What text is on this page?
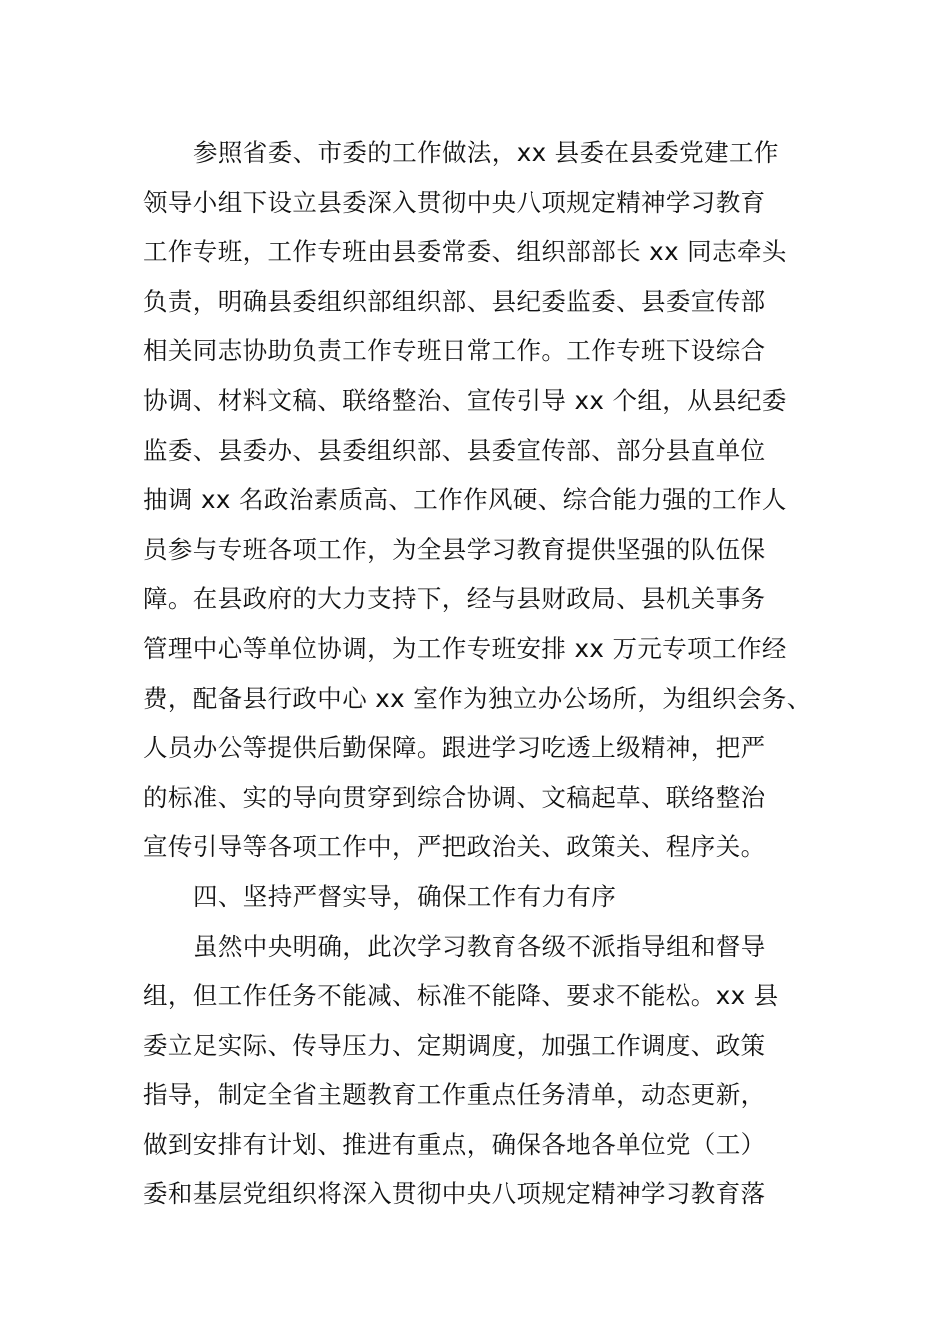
参照省委、市委的工作做法，xx 县委在县委党建工作
领导小组下设立县委深入贯彻中央八项规定精神学习教育
工作专班，工作专班由县委常委、组织部部长 xx 同志牵头
负责，明确县委组织部组织部、县纪委监委、县委宣传部
相关同志协助负责工作专班日常工作。工作专班下设综合
协调、材料文稿、联络整治、宣传引导 xx 个组，从县纪委
监委、县委办、县委组织部、县委宣传部、部分县直单位
抽调 xx 名政治素质高、工作作风硬、综合能力强的工作人
员参与专班各项工作，为全县学习教育提供坚强的队伍保
障。在县政府的大力支持下，经与县财政局、县机关事务
管理中心等单位协调，为工作专班安排 xx 万元专项工作经
费，配备县行政中心 xx 室作为独立办公场所，为组织会务、
人员办公等提供后勤保障。跟进学习吃透上级精神，把严
的标准、实的导向贯穿到综合协调、文稿起草、联络整治
宣传引导等各项工作中，严把政治关、政策关、程序关。
四、坚持严督实导，确保工作有力有序
虽然中央明确，此次学习教育各级不派指导组和督导
组，但工作任务不能减、标准不能降、要求不能松。xx 县
委立足实际、传导压力、定期调度，加强工作调度、政策
指导，制定全省主题教育工作重点任务清单，动态更新，
做到安排有计划、推进有重点，确保各地各单位党（工）
委和基层党组织将深入贯彻中央八项规定精神学习教育落
